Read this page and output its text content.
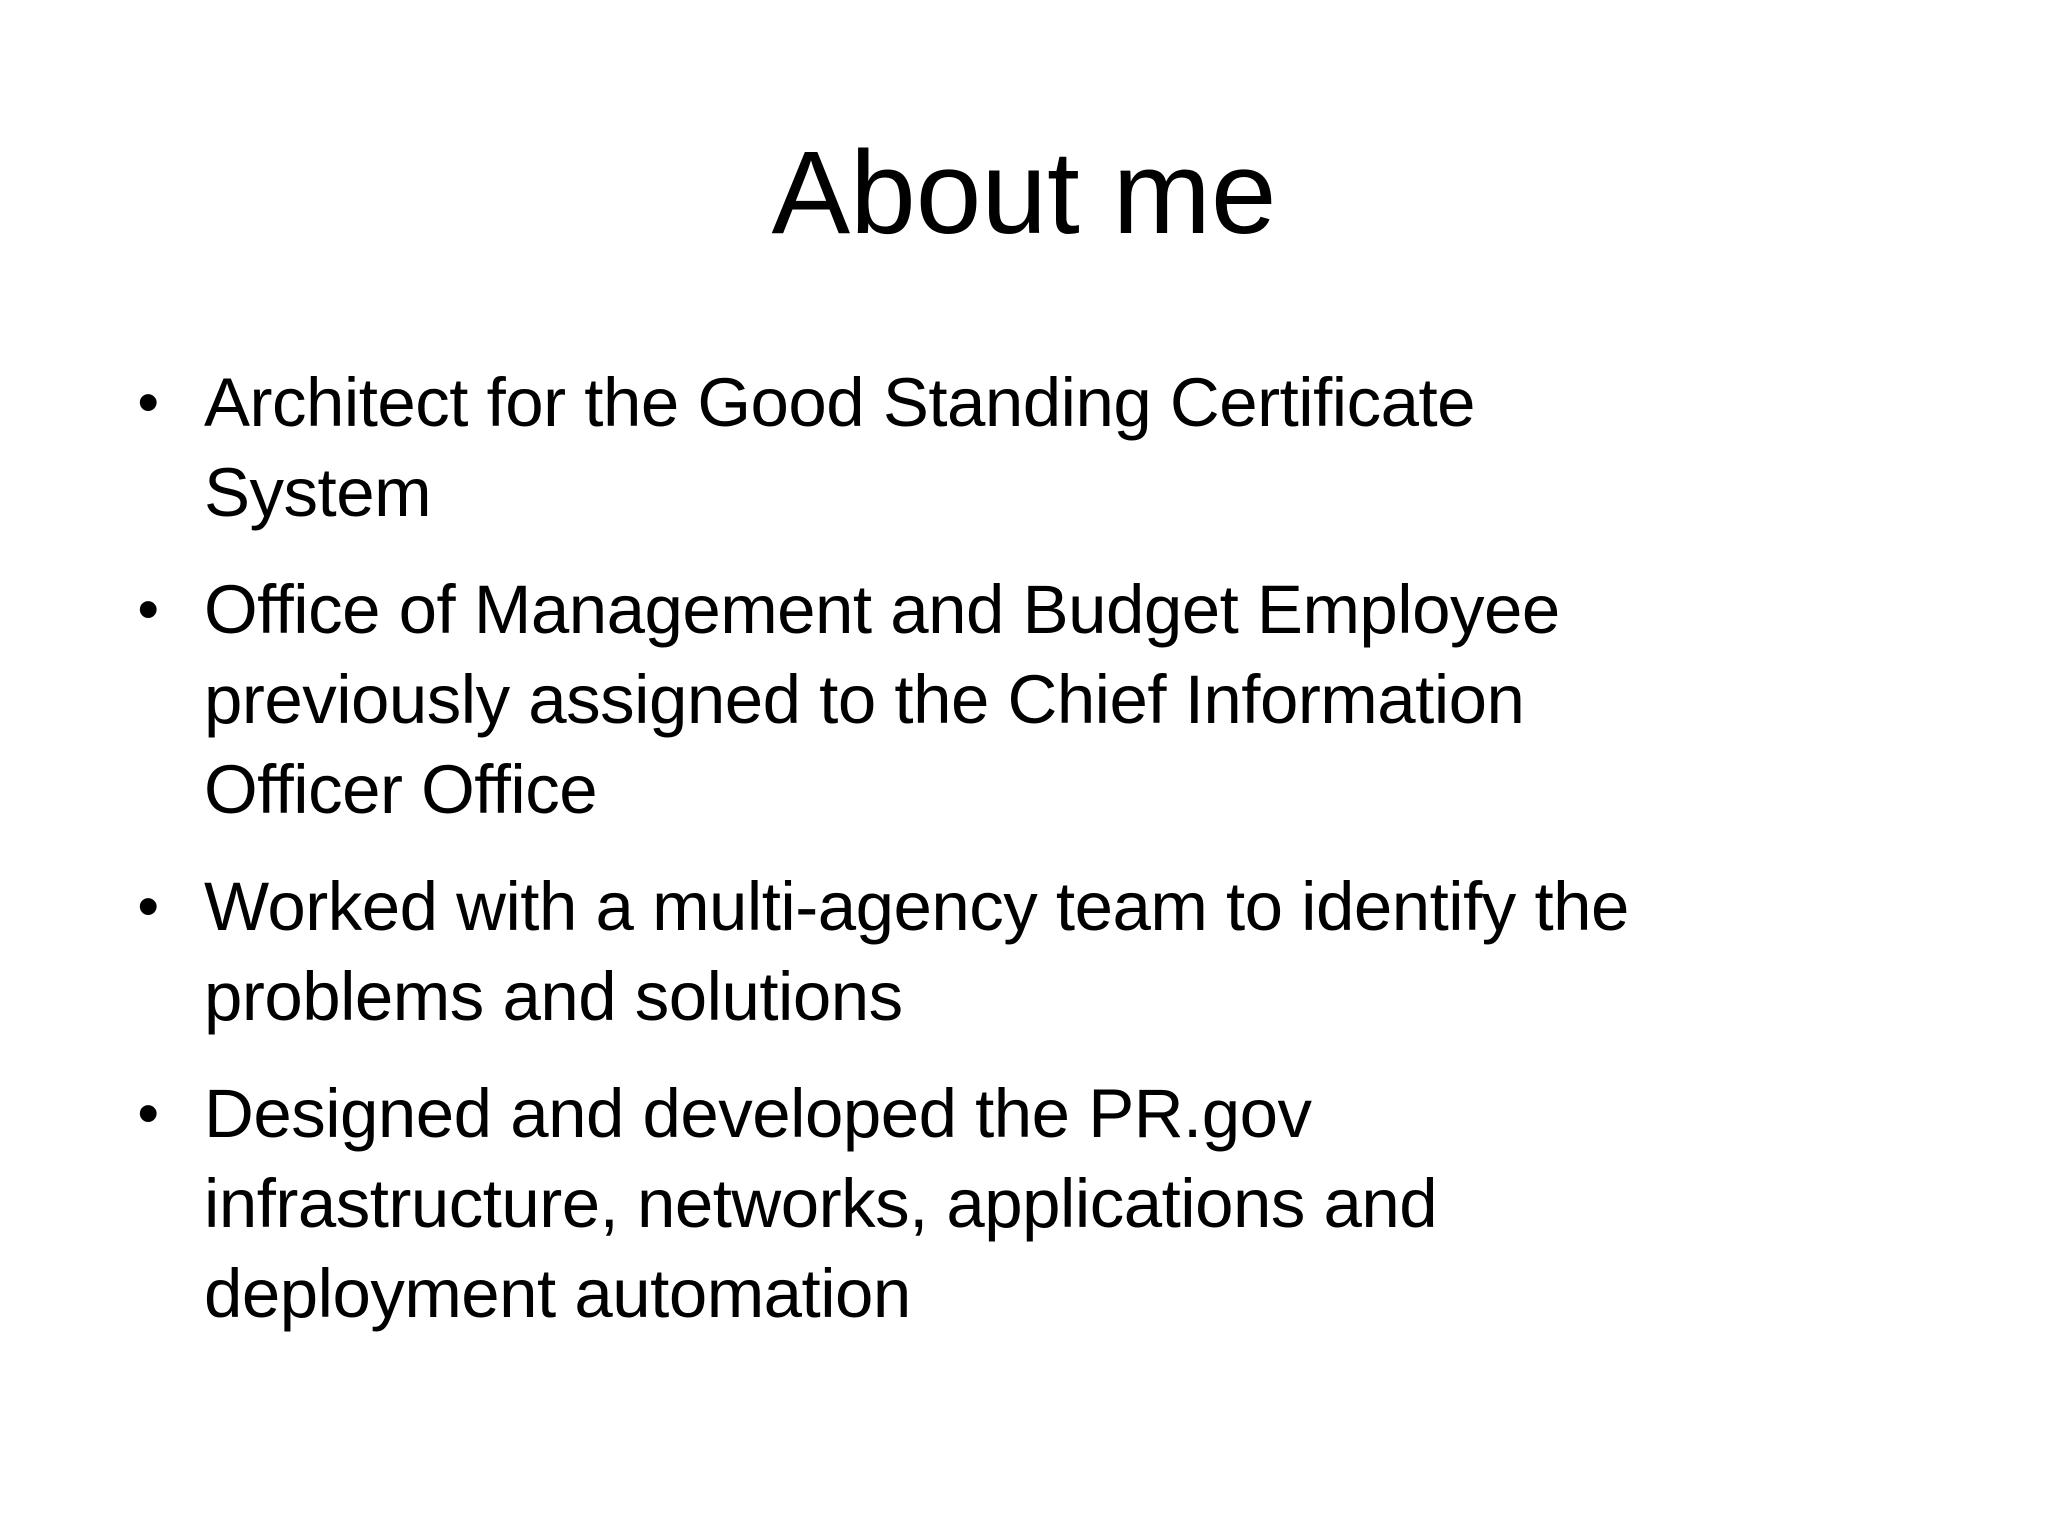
About me
• Architect for the Good Standing Certificate
System
• Office of Management and Budget Employee
previously assigned to the Chief Information
Officer Office
• Worked with a multi-agency team to identify the
problems and solutions
• Designed and developed the PR.gov
infrastructure, networks, applications and
deployment automation
